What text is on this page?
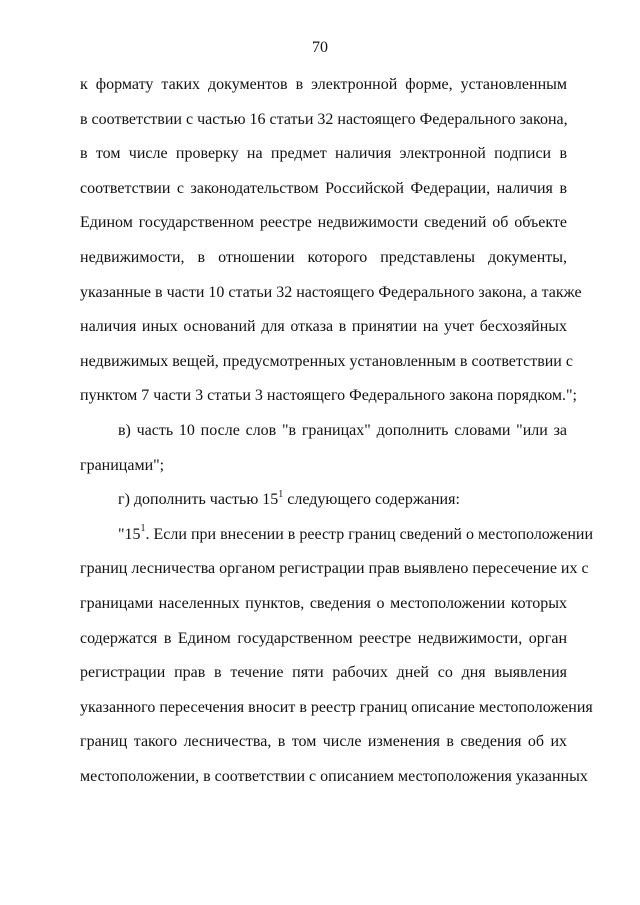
70
к формату таких документов в электронной форме, установленным
в соответствии с частью 16 статьи 32 настоящего Федерального закона,
в том числе проверку на предмет наличия электронной подписи в
соответствии с законодательством Российской Федерации, наличия в
Едином государственном реестре недвижимости сведений об объекте
недвижимости, в отношении которого представлены документы,
указанные в части 10 статьи 32 настоящего Федерального закона, а также
наличия иных оснований для отказа в принятии на учет бесхозяйных
недвижимых вещей, предусмотренных установленным в соответствии с
пунктом 7 части 3 статьи 3 настоящего Федерального закона порядком.";
в) часть 10 после слов "в границах" дополнить словами "или за
границами";
г) дополнить частью $15^1$ следующего содержания:
"$15^1$. Если при внесении в реестр границ сведений о местоположении
границ лесничества органом регистрации прав выявлено пересечение их с
границами населенных пунктов, сведения о местоположении которых
содержатся в Едином государственном реестре недвижимости, орган
регистрации прав в течение пяти рабочих дней со дня выявления
указанного пересечения вносит в реестр границ описание местоположения
границ такого лесничества, в том числе изменения в сведения об их
местоположении, в соответствии с описанием местоположения указанных
